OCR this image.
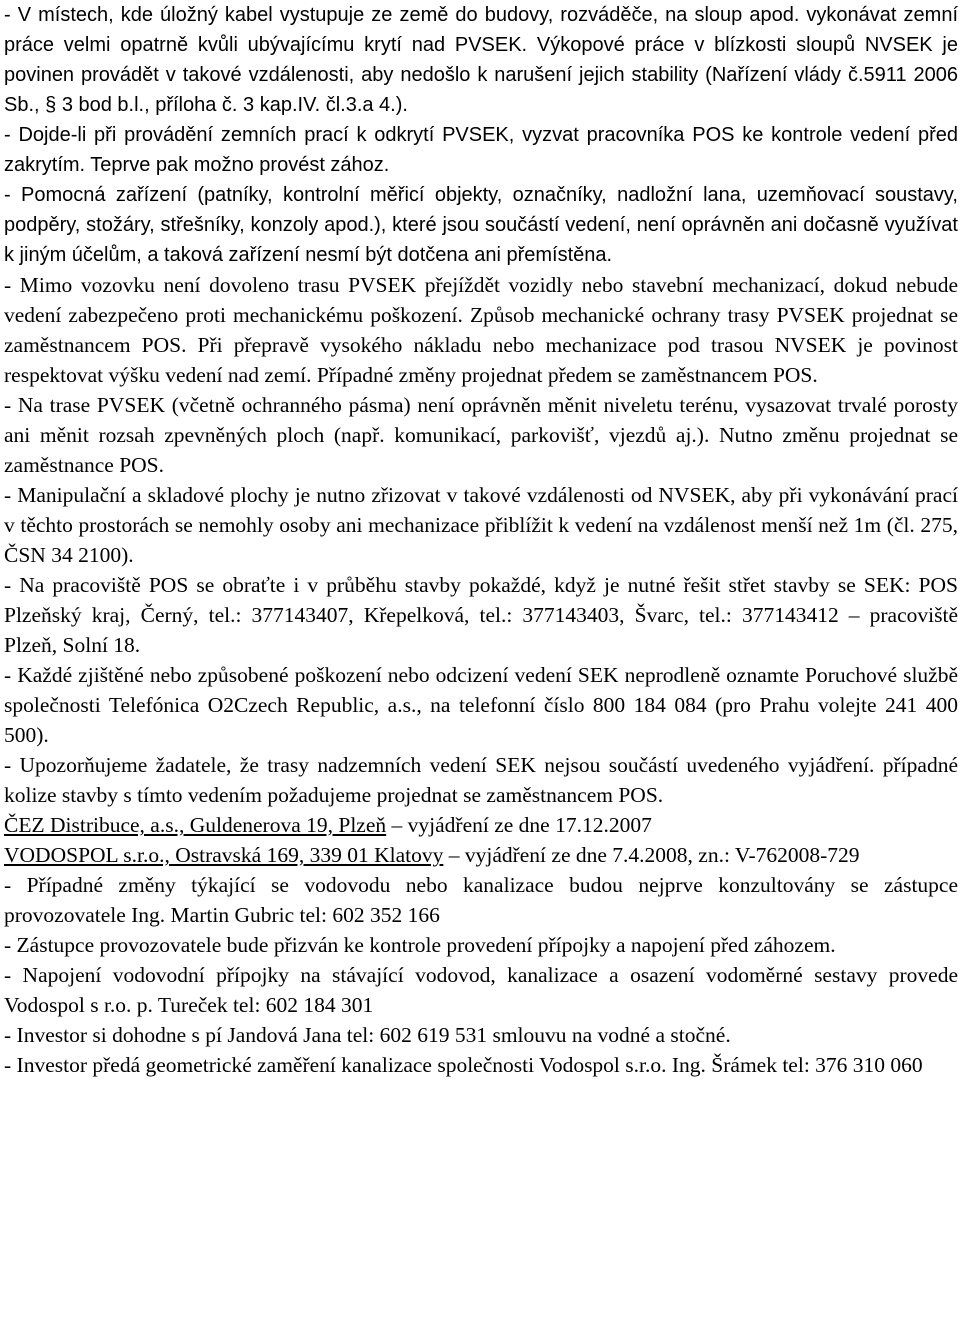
- V místech, kde úložný kabel vystupuje ze země do budovy, rozváděče, na sloup apod. vykonávat zemní práce velmi opatrně kvůli ubývajícímu krytí nad PVSEK. Výkopové práce v blízkosti sloupů NVSEK je povinen provádět v takové vzdálenosti, aby nedošlo k narušení jejich stability (Nařízení vlády č.5911 2006 Sb., § 3 bod b.l., příloha č. 3 kap.IV. čl.3.a 4.).

- Dojde-li při provádění zemních prací k odkrytí PVSEK, vyzvat pracovníka POS ke kontrole vedení před zakrytím. Teprve pak možno provést zához.

- Pomocná zařízení (patníky, kontrolní měřicí objekty, označníky, nadložní lana, uzemňovací soustavy, podpěry, stožáry, střešníky, konzoly apod.), které jsou součástí vedení, není oprávněn ani dočasně využívat k jiným účelům, a taková zařízení nesmí být dotčena ani přemístěna.

- Mimo vozovku není dovoleno trasu PVSEK přejíždět vozidly nebo stavební mechanizací, dokud nebude vedení zabezpečeno proti mechanickému poškození. Způsob mechanické ochrany trasy PVSEK projednat se zaměstnancem POS. Při přepravě vysokého nákladu nebo mechanizace pod trasou NVSEK je povinost respektovat výšku vedení nad zemí. Případné změny projednat předem se zaměstnancem POS.

- Na trase PVSEK (včetně ochranného pásma) není oprávněn měnit niveletu terénu, vysazovat trvalé porosty ani měnit rozsah zpevněných ploch (např. komunikací, parkovišť, vjezdů aj.). Nutno změnu projednat se zaměstnance POS.

- Manipulační a skladové plochy je nutno zřizovat v takové vzdálenosti od NVSEK, aby při vykonávání prací v těchto prostorách se nemohly osoby ani mechanizace přiblížit k vedení na vzdálenost menší než 1m (čl. 275, ČSN 34 2100).

- Na pracoviště POS se obraťte i v průběhu stavby pokaždé, když je nutné řešit střet stavby se SEK: POS Plzeňský kraj, Černý, tel.: 377143407, Křepelková, tel.: 377143403, Švarc, tel.: 377143412 – pracoviště Plzeň, Solní 18.

- Každé zjištěné nebo způsobené poškození nebo odcizení vedení SEK neprodleně oznamte Poruchové službě společnosti Telefónica O2Czech Republic, a.s., na telefonní číslo 800 184 084 (pro Prahu volejte 241 400 500).

- Upozorňujeme žadatele, že trasy nadzemních vedení SEK nejsou součástí uvedeného vyjádření. případné kolize stavby s tímto vedením požadujeme projednat se zaměstnancem POS.

ČEZ Distribuce, a.s., Guldenerova 19, Plzeň – vyjádření ze dne 17.12.2007

VODOSPOL s.r.o., Ostravská 169, 339 01 Klatovy – vyjádření ze dne 7.4.2008, zn.: V-762008-729

- Případné změny týkající se vodovodu nebo kanalizace budou nejprve konzultovány se zástupce provozovatele Ing. Martin Gubric tel: 602 352 166

- Zástupce provozovatele bude přizván ke kontrole provedení přípojky a napojení před záhozem.

- Napojení vodovodní přípojky na stávající vodovod, kanalizace a osazení vodoměrné sestavy provede Vodospol s r.o. p. Tureček tel: 602 184 301

- Investor si dohodne s pí Jandová Jana tel: 602 619 531 smlouvu na vodné a stočné.

- Investor předá geometrické zaměření kanalizace společnosti Vodospol s.r.o. Ing. Šrámek tel: 376 310 060
